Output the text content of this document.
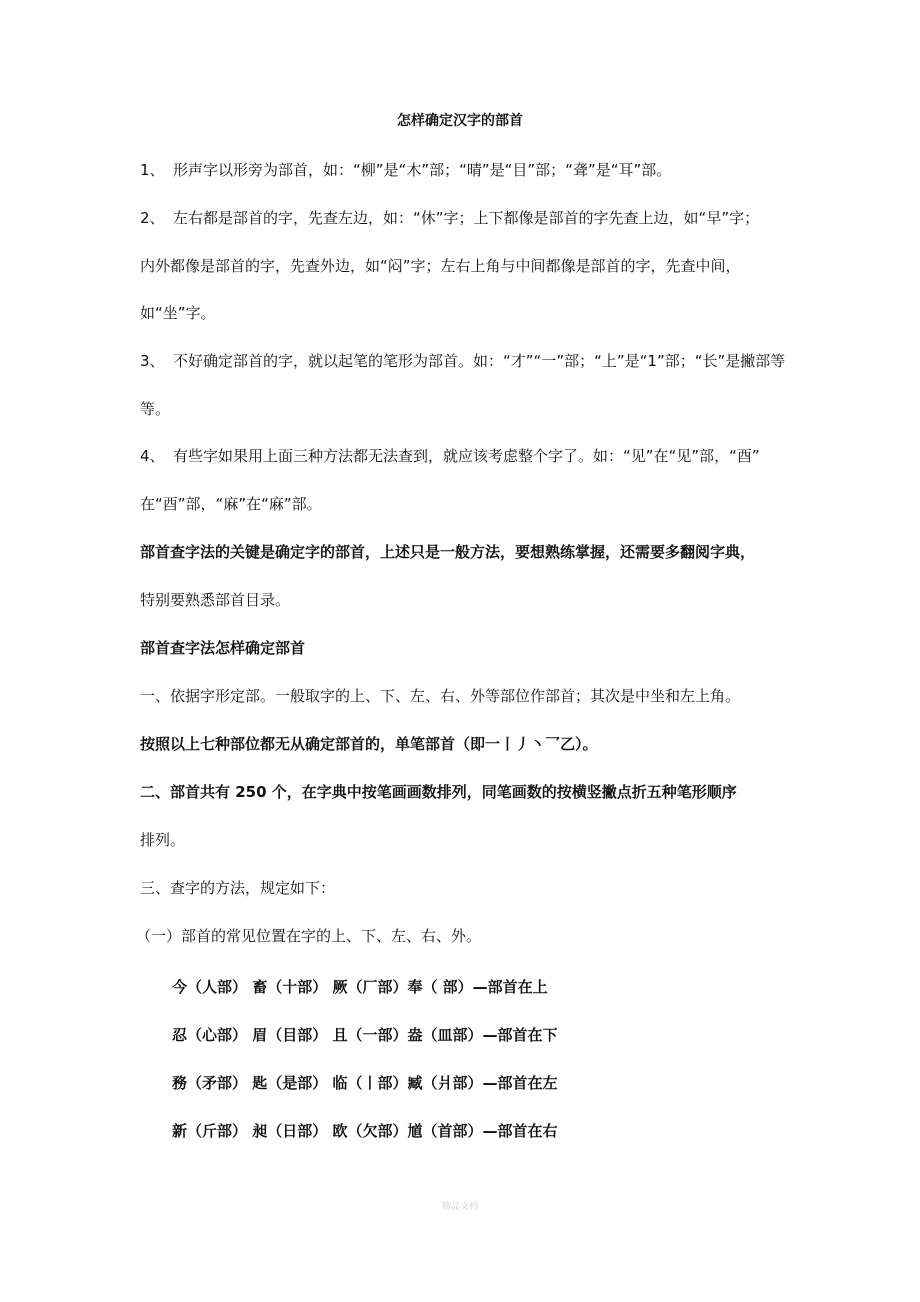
怎样确定汉字的部首
1、 形声字以形旁为部首，如：“柳”是“木”部；“晴”是“目”部；“聋”是“耳”部。
2、 左右都是部首的字，先查左边，如：“休”字；上下都像是部首的字先查上边，如“早”字；
内外都像是部首的字，先查外边，如“闷”字；左右上角与中间都像是部首的字，先查中间，
如“坐”字。
3、 不好确定部首的字，就以起笔的笔形为部首。如：“才”“一”部；“上”是“1”部；“长”是撇部等
等。
4、 有些字如果用上面三种方法都无法查到，就应该考虑整个字了。如：“见”在“见”部，“酉”
在“酉”部，“麻”在“麻”部。
部首查字法的关键是确定字的部首，上述只是一般方法，要想熟练掌握，还需要多翻阅字典，
特别要熟悉部首目录。
部首查字法怎样确定部首
一、依据字形定部。一般取字的上、下、左、右、外等部位作部首；其次是中坐和左上角。
按照以上七种部位都无从确定部首的，单笔部首（即一丨丿丶乛乙）。
二、部首共有 250 个，在字典中按笔画画数排列，同笔画数的按横竖撇点折五种笔形顺序
排列。
三、查字的方法，规定如下：
（一）部首的常见位置在字的上、下、左、右、外。
今（人部） 畜（十部） 厥（厂部）奉（ 部）—部首在上
忍（心部） 眉（目部） 且（一部）盎（皿部）—部首在下
務（矛部） 匙（是部） 临（丨部）臧（爿部）—部首在左
新（斤部） 昶（日部） 欧（欠部）馗（首部）—部首在右
精品文档
